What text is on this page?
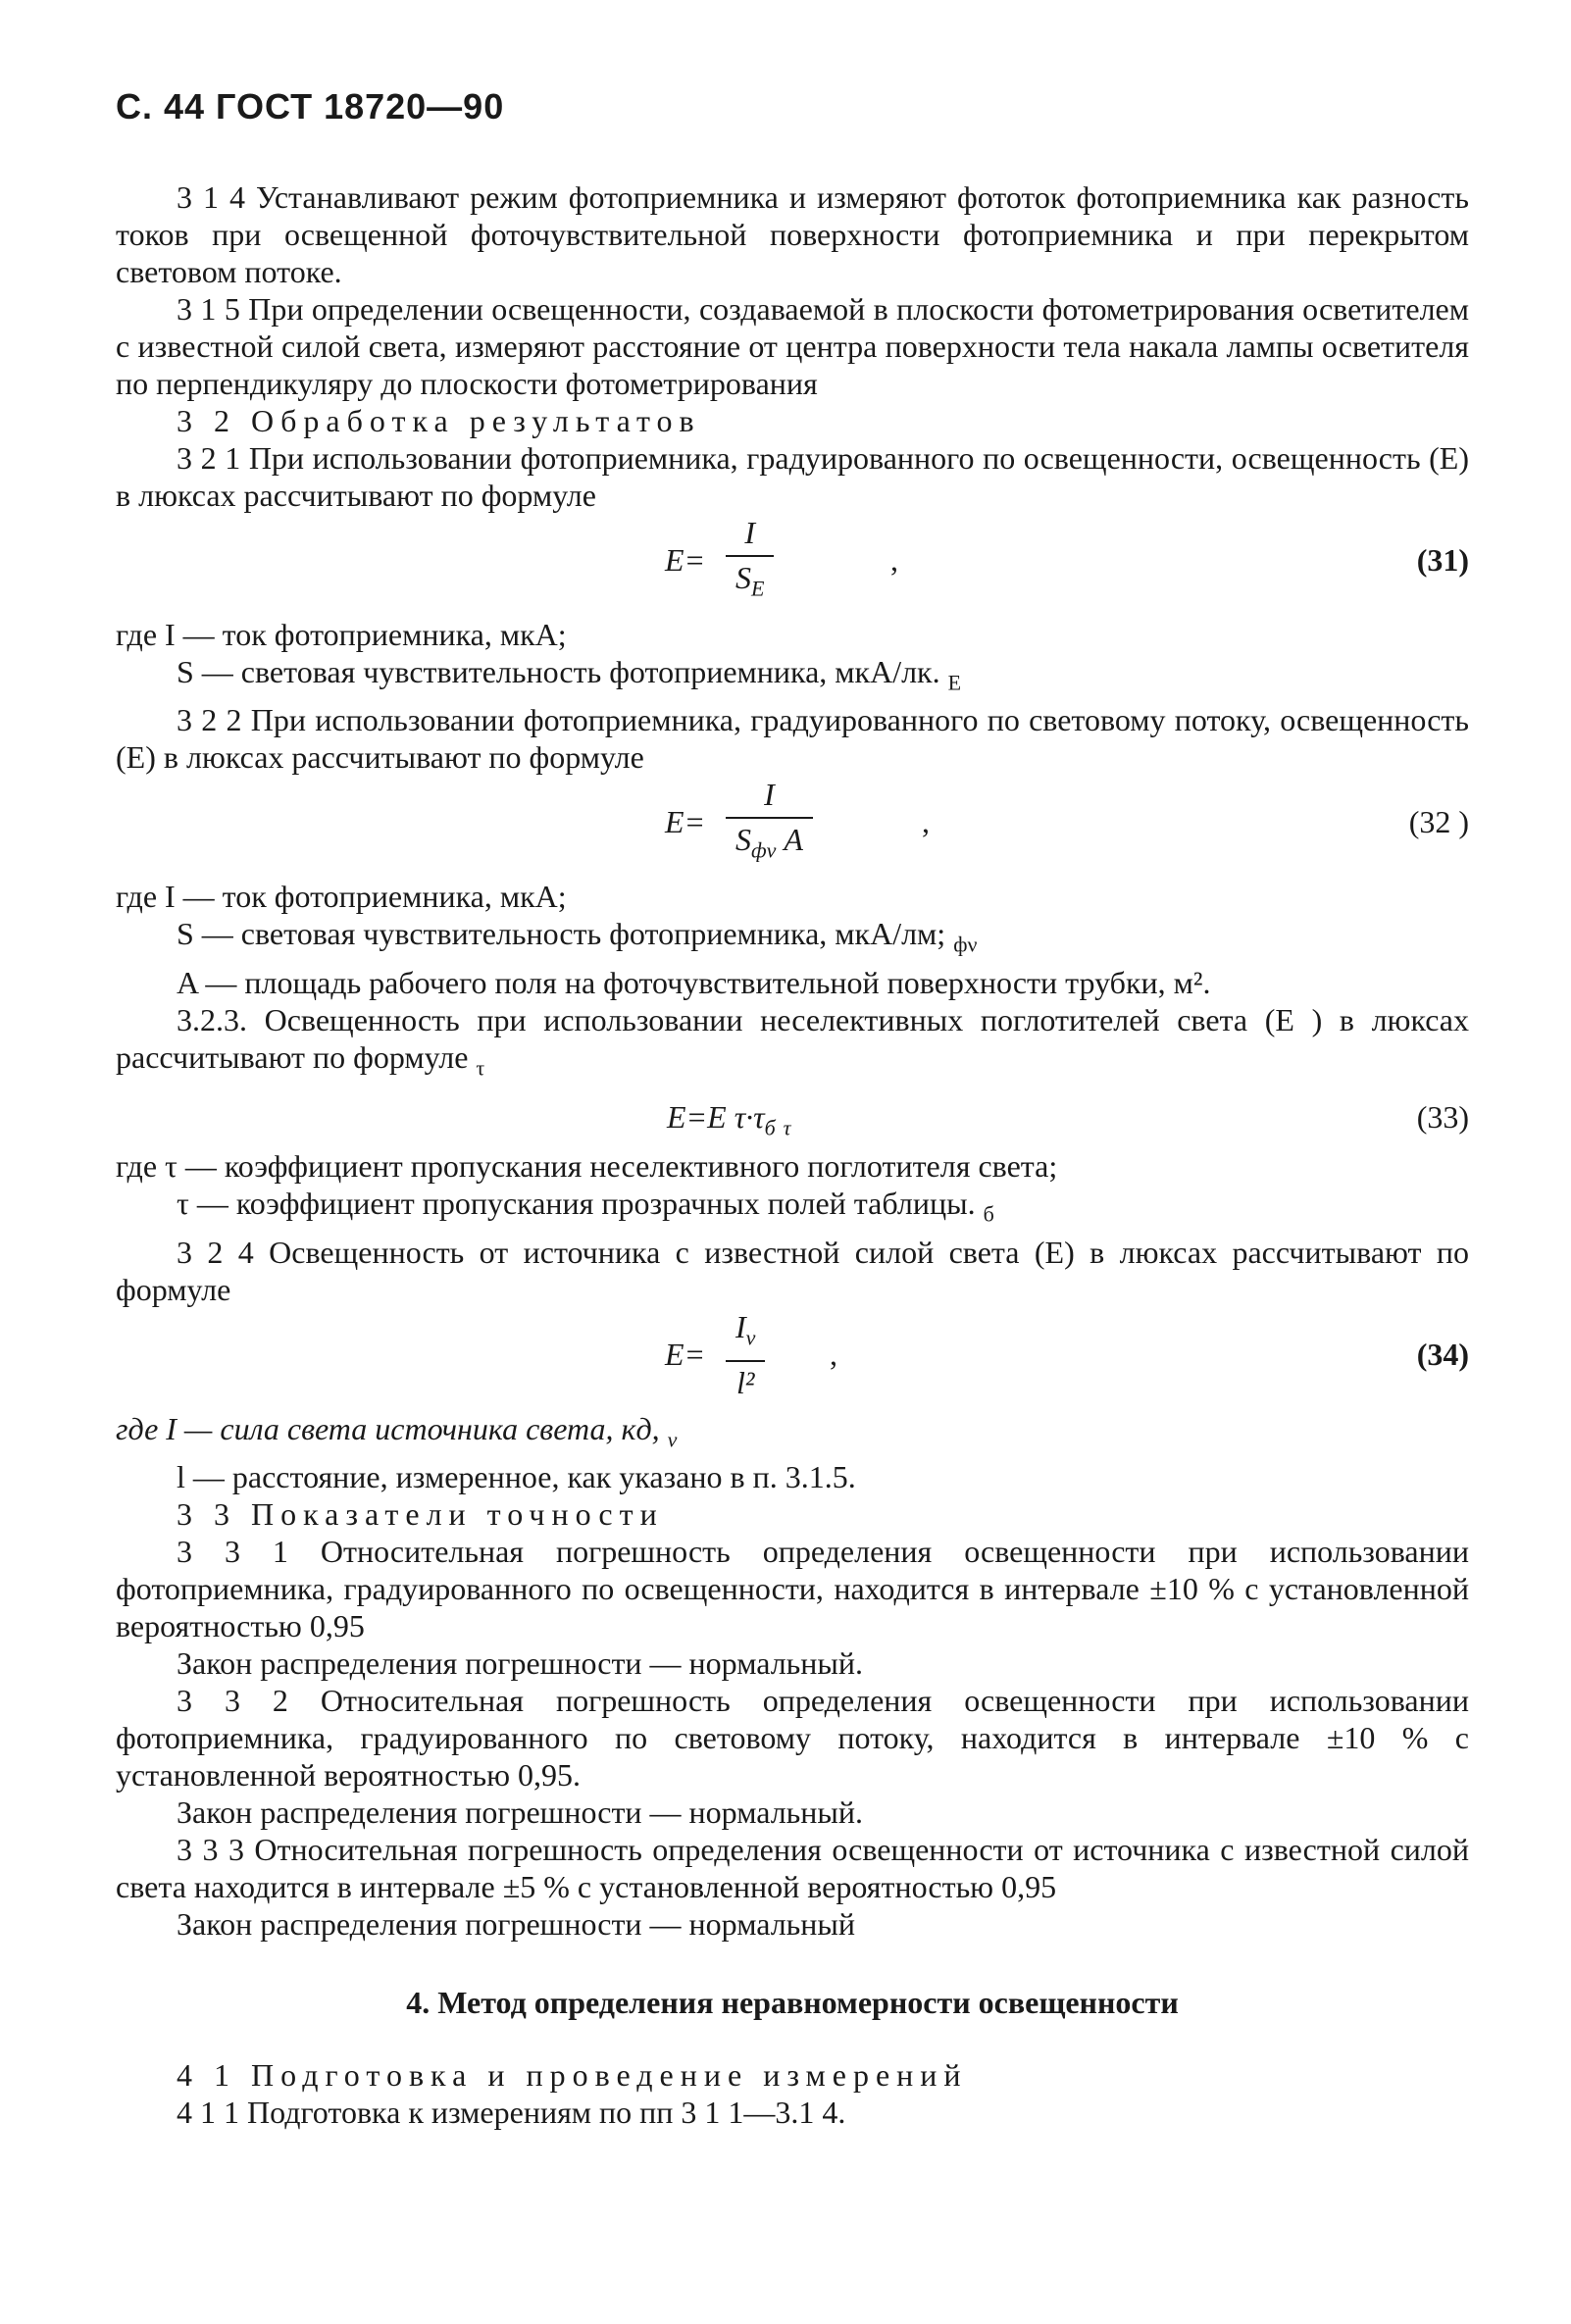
С. 44 ГОСТ 18720—90

3 1 4 Устанавливают режим фотоприемника и измеряют фототок фотоприемника как разность токов при освещенной фоточувствительной поверхности фотоприемника и при перекрытом световом потоке.

3 1 5 При определении освещенности, создаваемой в плоскости фотометрирования осветителем с известной силой света, измеряют расстояние от центра поверхности тела накала лампы осветителя по перпендикуляру до плоскости фотометрирования

3 2 Обработка результатов

3 2 1 При использовании фотоприемника, градуированного по освещенности, освещенность (E) в люксах рассчитывают по формуле

E=
I
$S_E$
,	(31)

где I — ток фотоприемника, мкА;

S — световая чувствительность фотоприемника, мкА/лк. $_E$

3 2 2 При использовании фотоприемника, градуированного по световому потоку, освещенность (E) в люксах рассчитывают по формуле

E=
I
$S_{ф\nu}$ A	,	(32 )

где I — ток фотоприемника, мкА;

S — световая чувствительность фотоприемника, мкА/лм; $_{ф\nu}$

A — площадь рабочего поля на фоточувствительной поверхности трубки, м².

3.2.3. Освещенность при использовании неселективных поглотителей света (E ) в люксах рассчитывают по формуле $_\tau$

E=E $\tau\cdot\tau_б$ $_\tau$	(33)

где τ — коэффициент пропускания неселективного поглотителя света;

τ — коэффициент пропускания прозрачных полей таблицы. $_б$

3 2 4 Освещенность от источника с известной силой света (E) в люксах рассчитывают по формуле

E=
$I_\nu$
l²
,	(34)

где I — сила света источника света, кд, $_\nu$

l — расстояние, измеренное, как указано в п. 3.1.5.

3 3 Показатели точности

3 3 1 Относительная погрешность определения освещенности при использовании фотоприемника, градуированного по освещенности, находится в интервале ±10 % с установленной вероятностью 0,95

Закон распределения погрешности — нормальный.

3 3 2 Относительная погрешность определения освещенности при использовании фотоприемника, градуированного по световому потоку, находится в интервале ±10 % с установленной вероятностью 0,95.

Закон распределения погрешности — нормальный.

3 3 3 Относительная погрешность определения освещенности от источника с известной силой света находится в интервале ±5 % с установленной вероятностью 0,95

Закон распределения погрешности — нормальный

4. Метод определения неравномерности освещенности

4 1 Подготовка и проведение измерений

4 1 1 Подготовка к измерениям по пп 3 1 1—3.1 4.
